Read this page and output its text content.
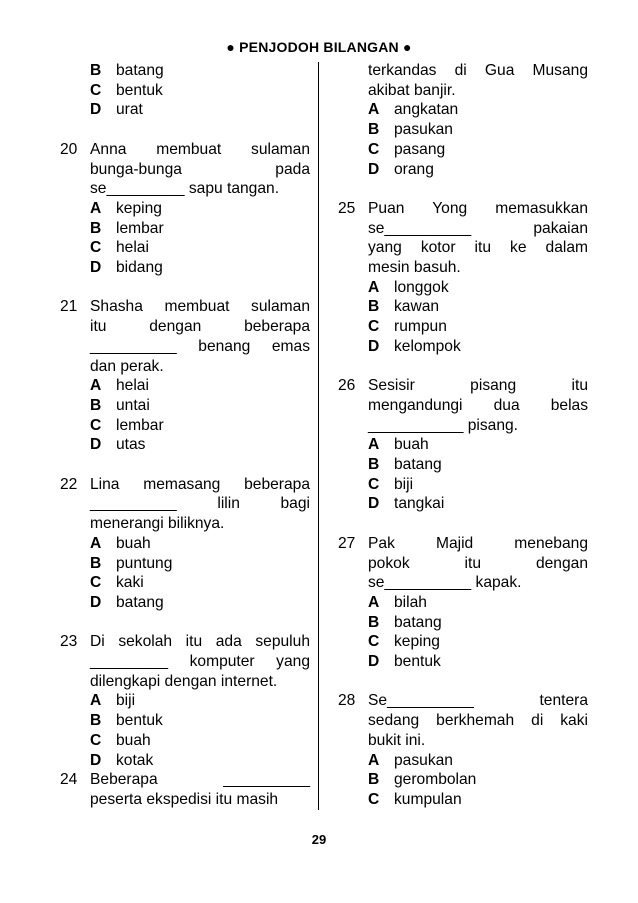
● PENJODOH BILANGAN ●
B batang
C bentuk
D urat
20 Anna membuat sulaman
bunga-bunga pada
se_________ sapu tangan.
A keping
B lembar
C helai
D bidang
21 Shasha membuat sulaman
itu dengan beberapa
__________ benang emas
dan perak.
A helai
B untai
C lembar
D utas
22 Lina memasang beberapa
__________ lilin bagi
menerangi biliknya.
A buah
B puntung
C kaki
D batang
23 Di sekolah itu ada sepuluh
_________ komputer yang
dilengkapi dengan internet.
A biji
B bentuk
C buah
D kotak
24 Beberapa __________
peserta ekspedisi itu masih
terkandas di Gua Musang
akibat banjir.
A angkatan
B pasukan
C pasang
D orang
25 Puan Yong memasukkan
se__________ pakaian
yang kotor itu ke dalam
mesin basuh.
A longgok
B kawan
C rumpun
D kelompok
26 Sesisir pisang itu
mengandungi dua belas
___________ pisang.
A buah
B batang
C biji
D tangkai
27 Pak Majid menebang
pokok itu dengan
se__________ kapak.
A bilah
B batang
C keping
D bentuk
28 Se__________ tentera
sedang berkhemah di kaki
bukit ini.
A pasukan
B gerombolan
C kumpulan
29
